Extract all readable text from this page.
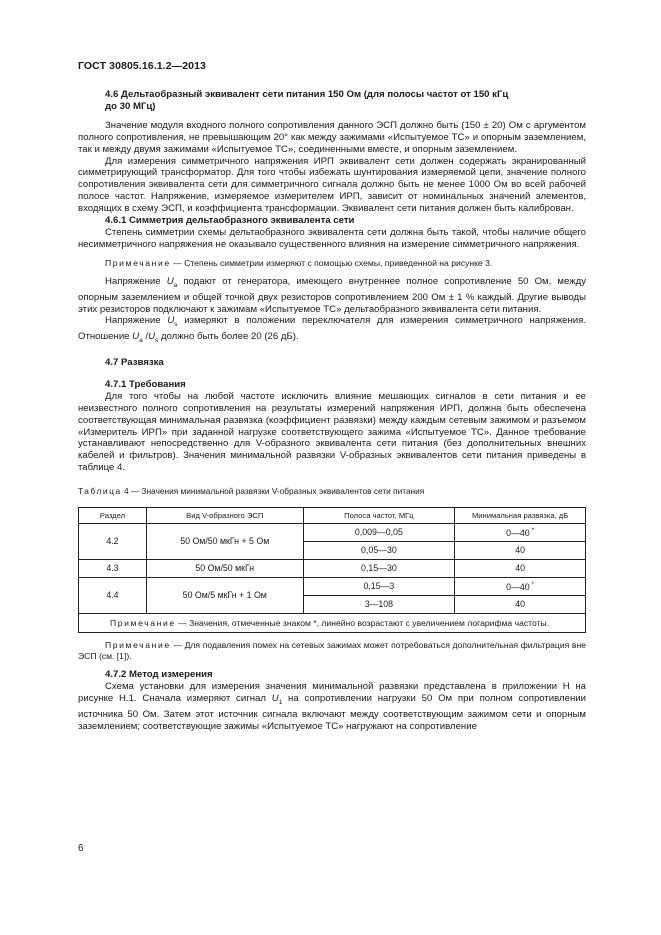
ГОСТ 30805.16.1.2—2013

4.6 Дельтаобразный эквивалент сети питания 150 Ом (для полосы частот от 150 кГц
до 30 МГц)

Значение модуля входного полного сопротивления данного ЭСП должно быть (150 ± 20) Ом с аргументом полного сопротивления, не превышающим 20° как между зажимами «Испытуемое ТС» и опорным заземлением, так и между двумя зажимами «Испытуемое ТС», соединенными вместе, и опорным заземлением.

Для измерения симметричного напряжения ИРП эквивалент сети должен содержать экранированный симметрирующий трансформатор. Для того чтобы избежать шунтирования измеряемой цепи, значение полного сопротивления эквивалента сети для симметричного сигнала должно быть не менее 1000 Ом во всей рабочей полосе частот. Напряжение, измеряемое измерителем ИРП, зависит от номинальных значений элементов, входящих в схему ЭСП, и коэффициента трансформации. Эквивалент сети питания должен быть калиброван.

4.6.1 Симметрия дельтаобразного эквивалента сети

Степень симметрии схемы дельтаобразного эквивалента сети должна быть такой, чтобы наличие общего несимметричного напряжения не оказывало существенного влияния на измерение симметричного напряжения.

Примечание — Степень симметрии измеряют с помощью схемы, приведенной на рисунке 3.

Напряжение $U_a$ подают от генератора, имеющего внутреннее полное сопротивление 50 Ом, между опорным заземлением и общей точкой двух резисторов сопротивлением 200 Ом ± 1 % каждый. Другие выводы этих резисторов подключают к зажимам «Испытуемое ТС» дельтаобразного эквивалента сети питания.

Напряжение $U_s$ измеряют в положении переключателя для измерения симметричного напряжения. Отношение $U_a$ $/U_s$ должно быть более 20 (26 дБ).

4.7 Развязка

4.7.1 Требования

Для того чтобы на любой частоте исключить влияние мешающих сигналов в сети питания и ее неизвестного полного сопротивления на результаты измерений напряжения ИРП, должна быть обеспечена соответствующая минимальная развязка (коэффициент развязки) между каждым сетевым зажимом и разъемом «Измеритель ИРП» при заданной нагрузке соответствующего зажима «Испытуемое ТС». Данное требование устанавливают непосредственно для V-образного эквивалента сети питания (без дополнительных внешних кабелей и фильтров). Значения минимальной развязки V-образных эквивалентов сети питания приведены в таблице 4.

Таблица 4 — Значения минимальной развязки V-образных эквивалентов сети питания

Раздел	Вид V-образного ЭСП	Полоса частот, МГц	Минимальная развязка, дБ
4.2	50 Ом/50 мкГн + 5 Ом	0,009—0,05	0—40 *
		0,05—30	40
4.3	50 Ом/50 мкГн	0,15—30	40
4.4	50 Ом/5 мкГн + 1 Ом	0,15—3	0—40 *
		3—108	40
Примечание — Значения, отмеченные знаком *, линейно возрастают с увеличением логарифма частоты.			

Примечание — Для подавления помех на сетевых зажимах может потребоваться дополнительная фильтрация вне ЭСП (см. [1]).

4.7.2 Метод измерения

Схема установки для измерения значения минимальной развязки представлена в приложении Н на рисунке Н.1. Сначала измеряют сигнал $U_1$ на сопротивлении нагрузки 50 Ом при полном сопротивлении источника 50 Ом. Затем этот источник сигнала включают между соответствующим зажимом сети и опорным заземлением; соответствующие зажимы «Испытуемое ТС» нагружают на сопротивление

6
